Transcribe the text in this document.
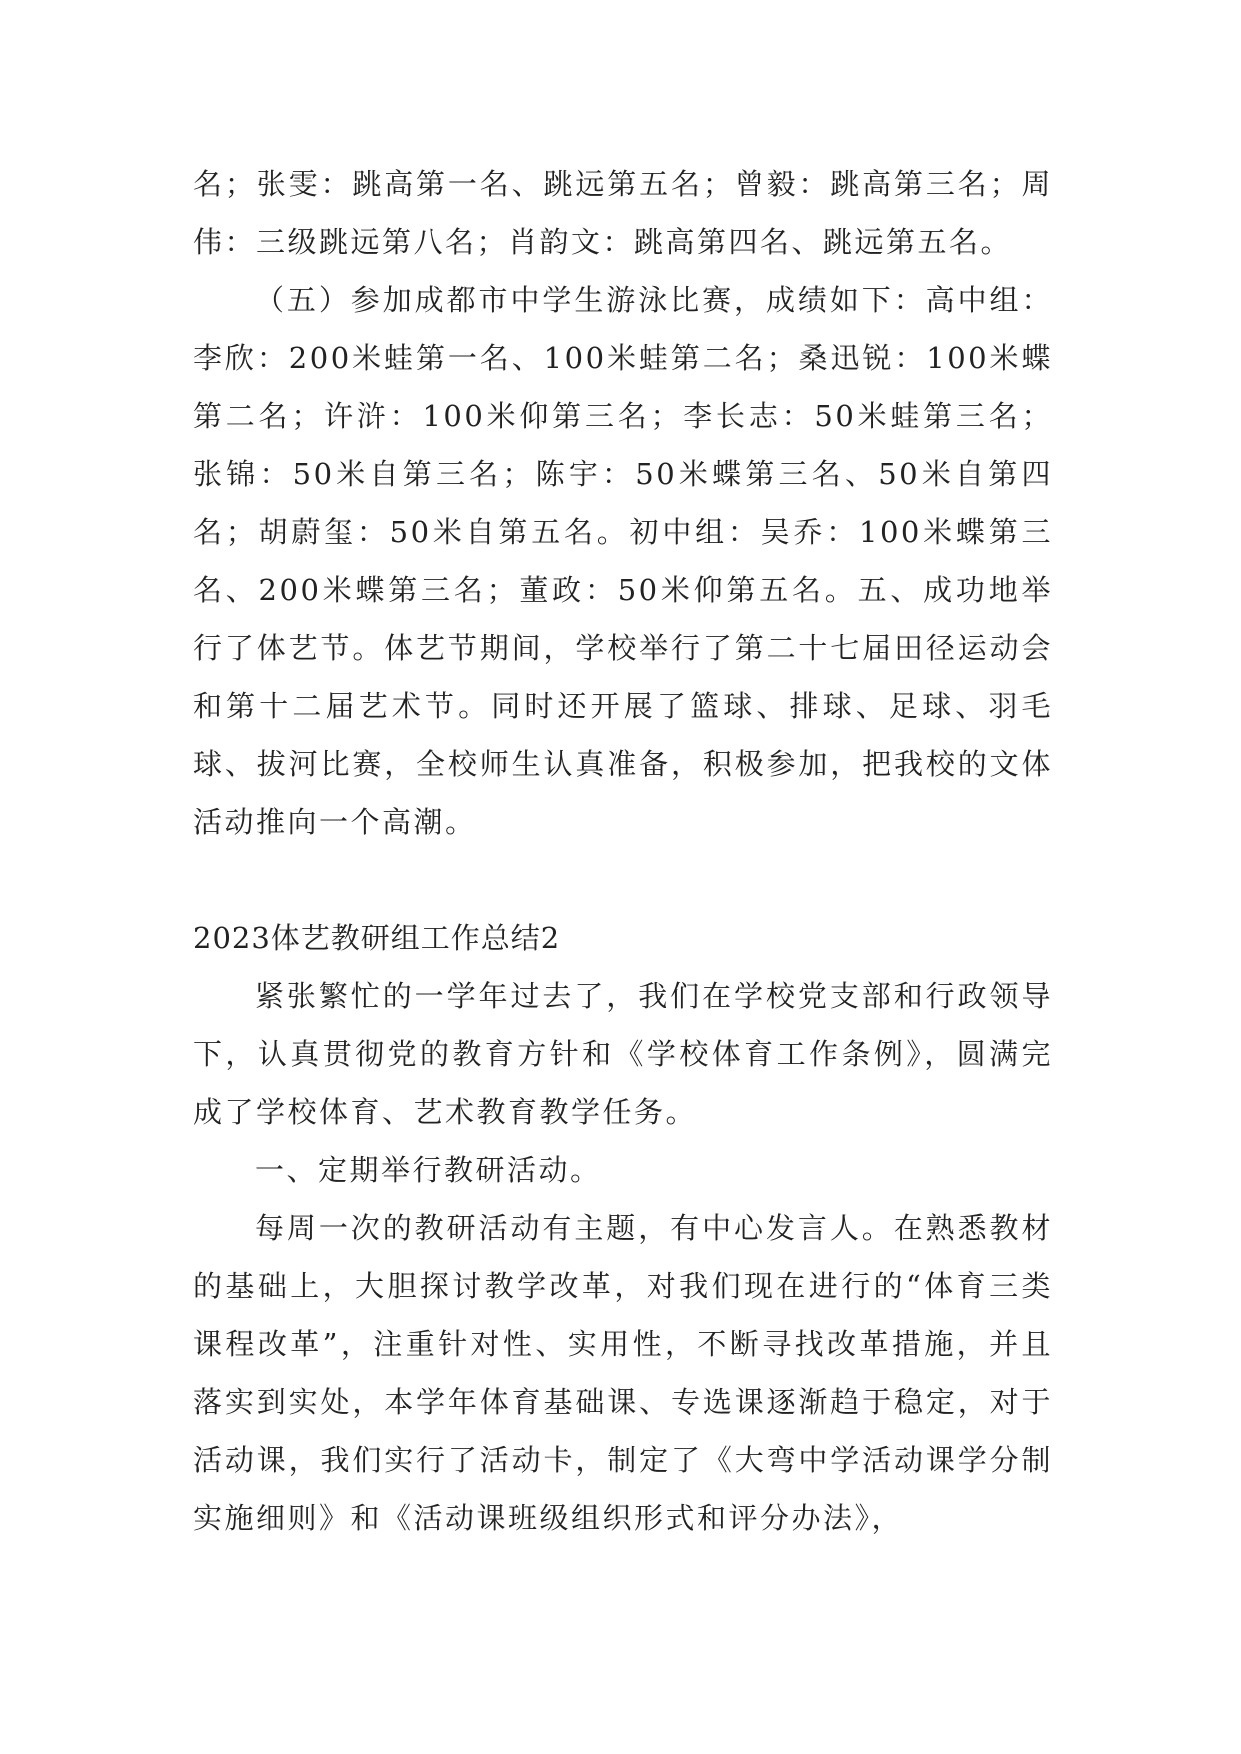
名；张雯：跳高第一名、跳远第五名；曾毅：跳高第三名；周伟：三级跳远第八名；肖韵文：跳高第四名、跳远第五名。

（五）参加成都市中学生游泳比赛，成绩如下：高中组：李欣：200米蛙第一名、100米蛙第二名；桑迅锐：100米蝶第二名；许浒：100米仰第三名；李长志：50米蛙第三名；张锦：50米自第三名；陈宇：50米蝶第三名、50米自第四名；胡蔚玺：50米自第五名。初中组：吴乔：100米蝶第三名、200米蝶第三名；董政：50米仰第五名。五、成功地举行了体艺节。体艺节期间，学校举行了第二十七届田径运动会和第十二届艺术节。同时还开展了篮球、排球、足球、羽毛球、拔河比赛，全校师生认真准备，积极参加，把我校的文体活动推向一个高潮。

2023体艺教研组工作总结2

紧张繁忙的一学年过去了，我们在学校党支部和行政领导下，认真贯彻党的教育方针和《学校体育工作条例》，圆满完成了学校体育、艺术教育教学任务。

一、定期举行教研活动。

每周一次的教研活动有主题，有中心发言人。在熟悉教材的基础上，大胆探讨教学改革，对我们现在进行的“体育三类课程改革”，注重针对性、实用性，不断寻找改革措施，并且落实到实处，本学年体育基础课、专选课逐渐趋于稳定，对于活动课，我们实行了活动卡，制定了《大弯中学活动课学分制实施细则》和《活动课班级组织形式和评分办法》，
